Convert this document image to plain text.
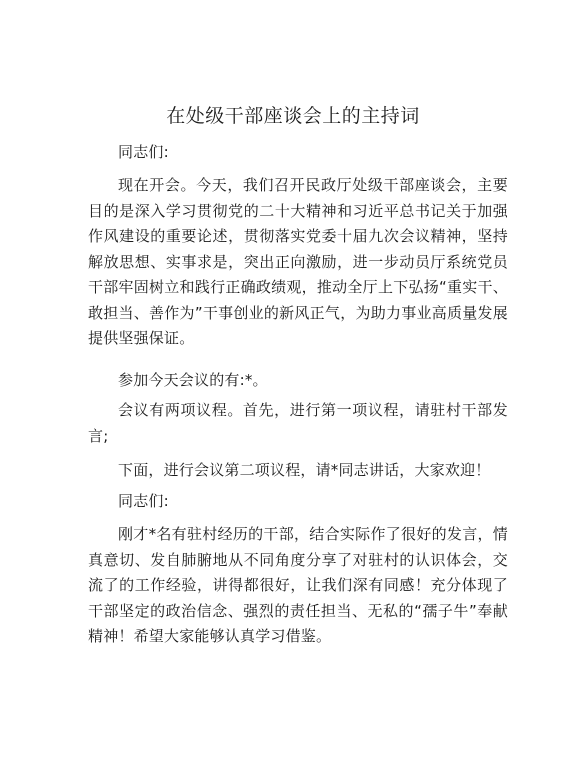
在处级干部座谈会上的主持词

同志们:

现在开会。今天，我们召开民政厅处级干部座谈会，主要目的是深入学习贯彻党的二十大精神和习近平总书记关于加强作风建设的重要论述，贯彻落实党委十届九次会议精神，坚持解放思想、实事求是，突出正向激励，进一步动员厅系统党员干部牢固树立和践行正确政绩观，推动全厅上下弘扬“重实干、敢担当、善作为”干事创业的新风正气，为助力事业高质量发展提供坚强保证。

参加今天会议的有:*。

会议有两项议程。首先，进行第一项议程，请驻村干部发言;

下面，进行会议第二项议程，请*同志讲话，大家欢迎！

同志们:

刚才*名有驻村经历的干部，结合实际作了很好的发言，情真意切、发自肺腑地从不同角度分享了对驻村的认识体会，交流了的工作经验，讲得都很好，让我们深有同感！充分体现了干部坚定的政治信念、强烈的责任担当、无私的“孺子牛”奉献精神！希望大家能够认真学习借鉴。
